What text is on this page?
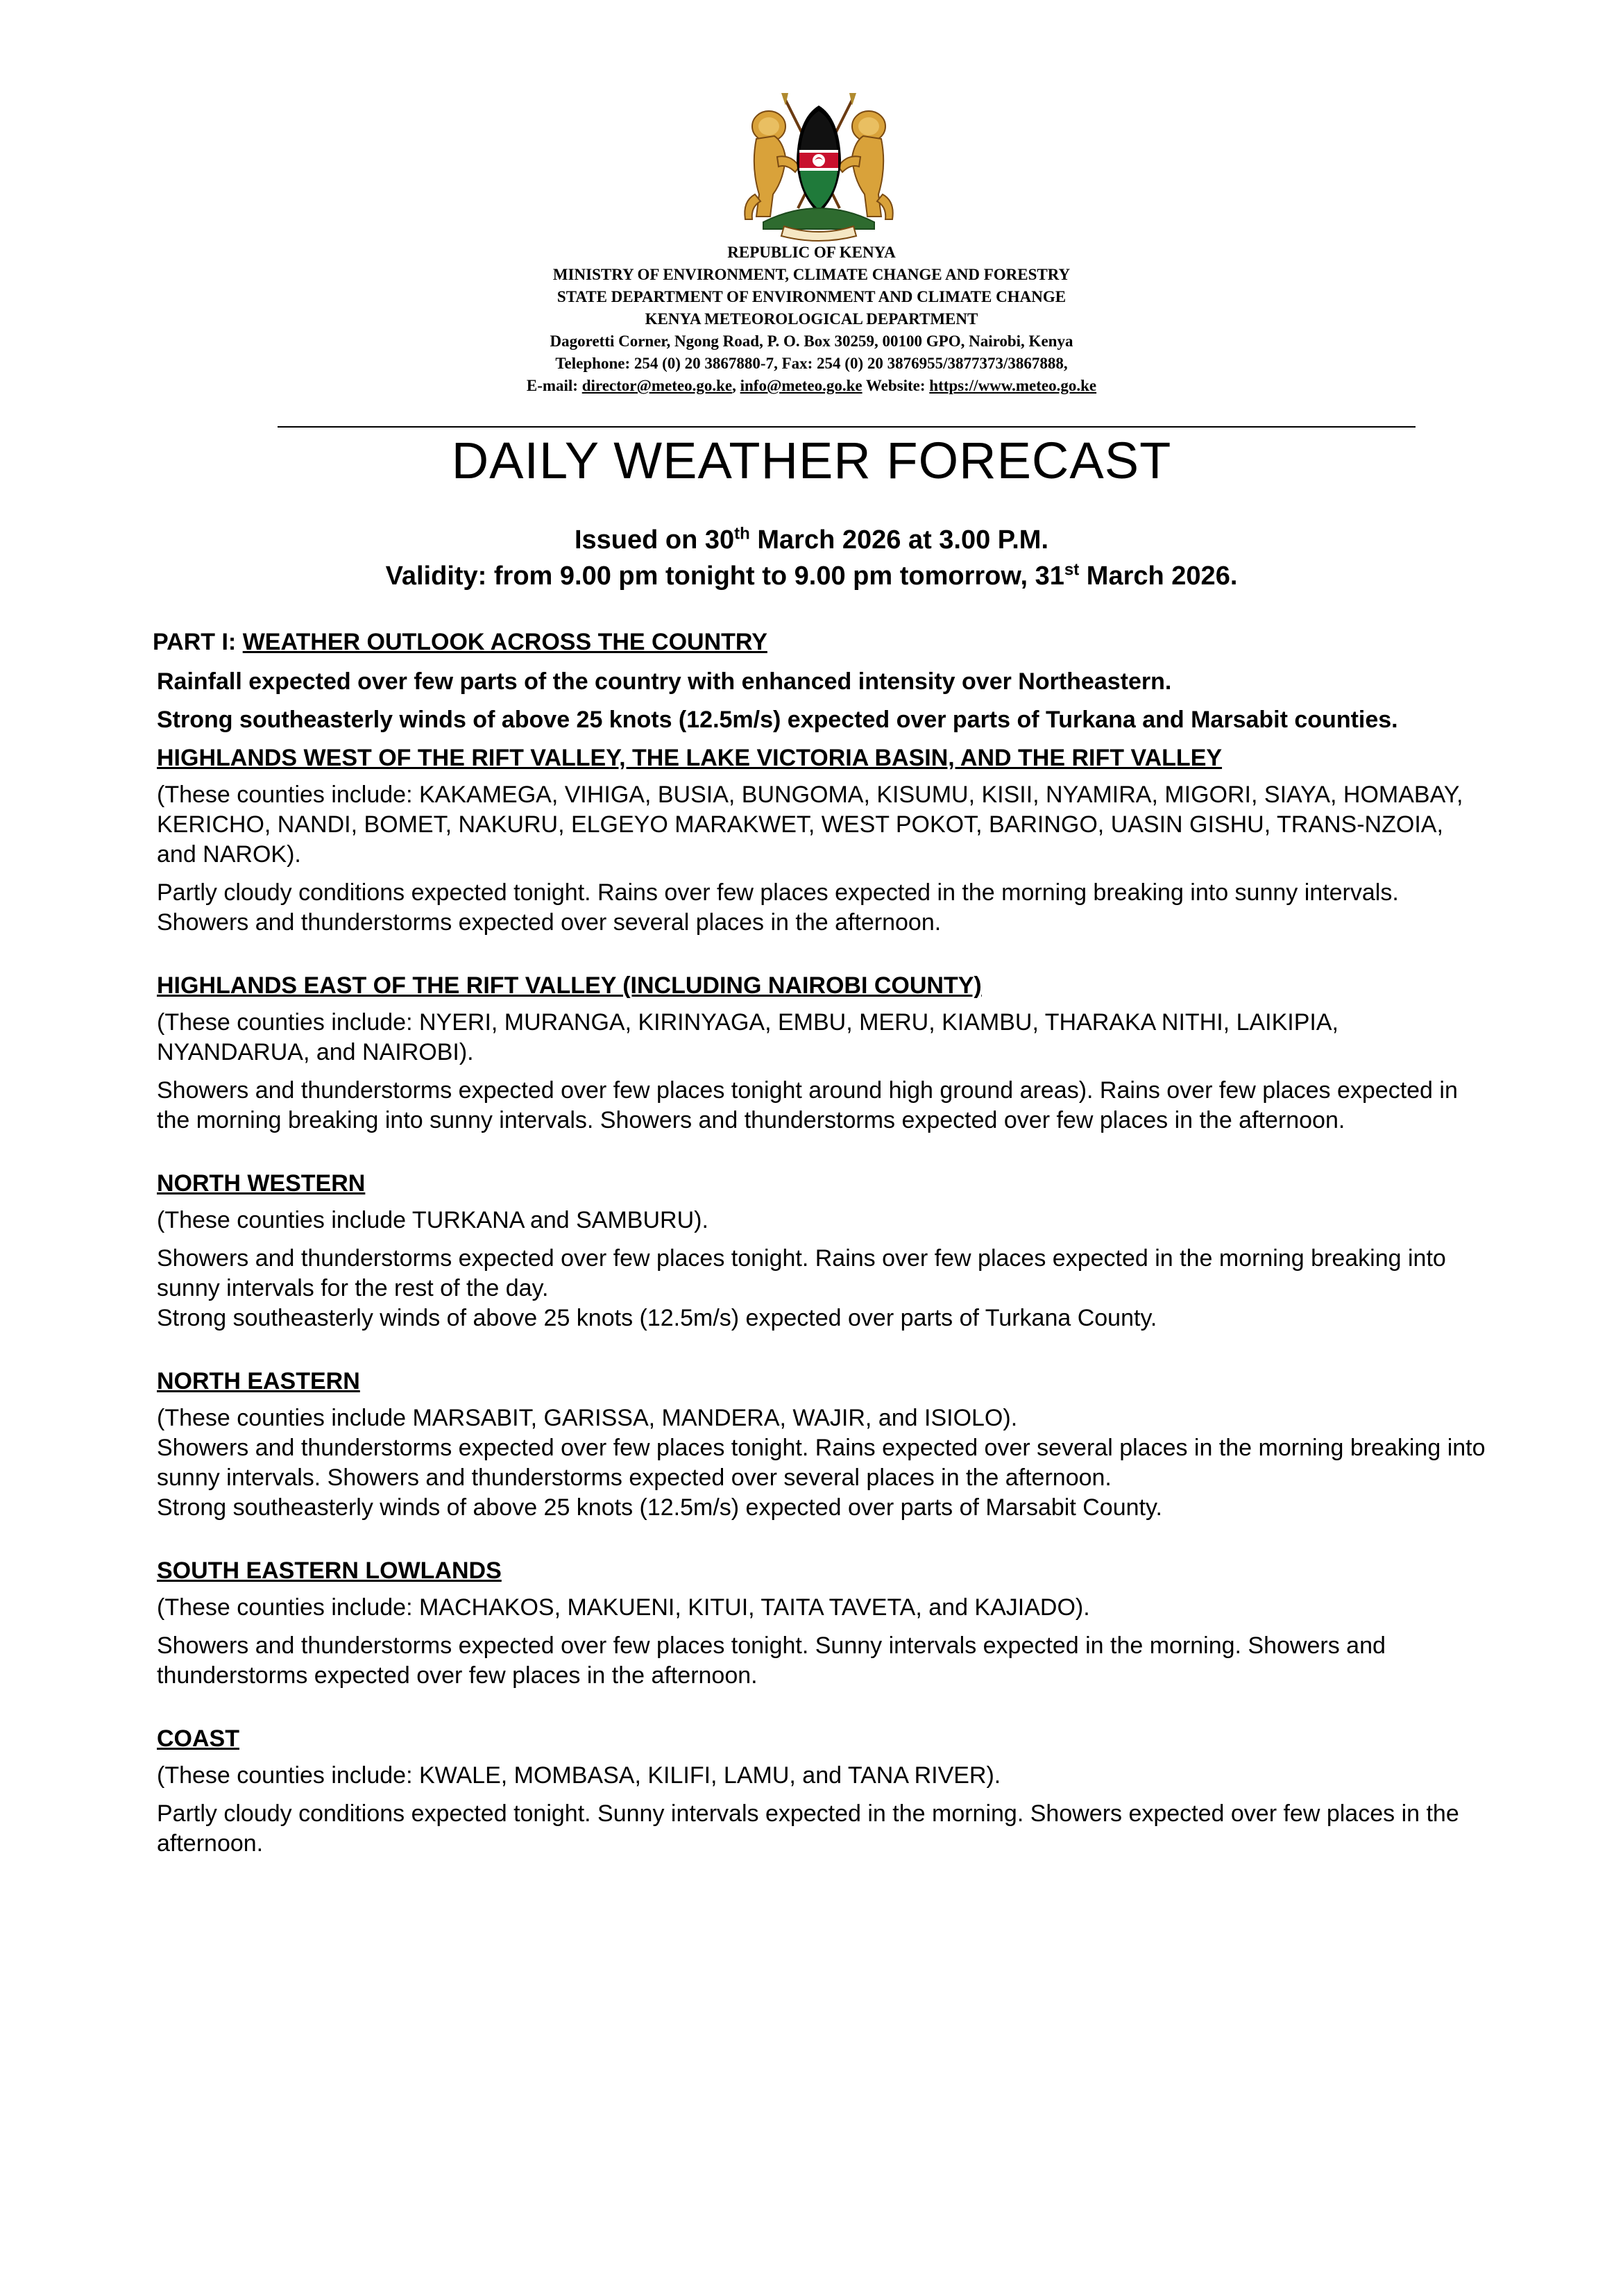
REPUBLIC OF KENYA
MINISTRY OF ENVIRONMENT, CLIMATE CHANGE AND FORESTRY
STATE DEPARTMENT OF ENVIRONMENT AND CLIMATE CHANGE
KENYA METEOROLOGICAL DEPARTMENT
Dagoretti Corner, Ngong Road, P. O. Box 30259, 00100 GPO, Nairobi, Kenya
Telephone: 254 (0) 20 3867880-7, Fax: 254 (0) 20 3876955/3877373/3867888,
E-mail: director@meteo.go.ke, info@meteo.go.ke Website: https://www.meteo.go.ke
DAILY WEATHER FORECAST
Issued on 30th March 2026 at 3.00 P.M.
Validity: from 9.00 pm tonight to 9.00 pm tomorrow, 31st March 2026.
PART I: WEATHER OUTLOOK ACROSS THE COUNTRY

Rainfall expected over few parts of the country with enhanced intensity over Northeastern.

Strong southeasterly winds of above 25 knots (12.5m/s) expected over parts of Turkana and Marsabit counties.

HIGHLANDS WEST OF THE RIFT VALLEY, THE LAKE VICTORIA BASIN, AND THE RIFT VALLEY

(These counties include: KAKAMEGA, VIHIGA, BUSIA, BUNGOMA, KISUMU, KISII, NYAMIRA, MIGORI, SIAYA, HOMABAY, KERICHO, NANDI, BOMET, NAKURU, ELGEYO MARAKWET, WEST POKOT, BARINGO, UASIN GISHU, TRANS-NZOIA, and NAROK).

Partly cloudy conditions expected tonight. Rains over few places expected in the morning breaking into sunny intervals. Showers and thunderstorms expected over several places in the afternoon.

HIGHLANDS EAST OF THE RIFT VALLEY (INCLUDING NAIROBI COUNTY)

(These counties include: NYERI, MURANGA, KIRINYAGA, EMBU, MERU, KIAMBU, THARAKA NITHI, LAIKIPIA, NYANDARUA, and NAIROBI).

Showers and thunderstorms expected over few places tonight around high ground areas). Rains over few places expected in the morning breaking into sunny intervals. Showers and thunderstorms expected over few places in the afternoon.

NORTH WESTERN

(These counties include TURKANA and SAMBURU).

Showers and thunderstorms expected over few places tonight. Rains over few places expected in the morning breaking into sunny intervals for the rest of the day.

Strong southeasterly winds of above 25 knots (12.5m/s) expected over parts of Turkana County.

NORTH EASTERN

(These counties include MARSABIT, GARISSA, MANDERA, WAJIR, and ISIOLO).

Showers and thunderstorms expected over few places tonight. Rains expected over several places in the morning breaking into sunny intervals. Showers and thunderstorms expected over several places in the afternoon.

Strong southeasterly winds of above 25 knots (12.5m/s) expected over parts of Marsabit County.

SOUTH EASTERN LOWLANDS

(These counties include: MACHAKOS, MAKUENI, KITUI, TAITA TAVETA, and KAJIADO).

Showers and thunderstorms expected over few places tonight. Sunny intervals expected in the morning. Showers and thunderstorms expected over few places in the afternoon.

COAST

(These counties include: KWALE, MOMBASA, KILIFI, LAMU, and TANA RIVER).

Partly cloudy conditions expected tonight. Sunny intervals expected in the morning. Showers expected over few places in the afternoon.
